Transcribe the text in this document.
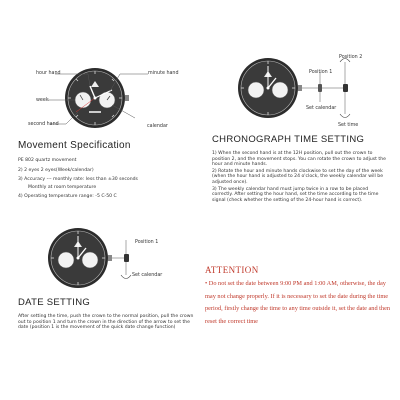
hour hand	minute hand
week
calendar
second hand
Position 1
Position 2
Set calendar
Set time
Movement Specification
PE 802 quartz movement
2) 2 eyes 2 eyes(Week/calendar)
3) Accuracy --- monthly rate: less than ±30 seconds
Monthly at room temperature
4) Operating temperature range: -5 C-50 C
CHRONOGRAPH TIME SETTING
1) When the second hand is at the 12H position, pull out the crown to position 2, and the movement stops. You can rotate the crown to adjust the hour and minute hands.
2) Rotate the hour and minute hands clockwise to set the day of the week (when the hour hand is adjusted to 24 o'clock, the weekly calendar will be adjusted once).
3) The weekly calendar hand must jump twice in a row to be placed correctly. After setting the hour hand, set the time according to the time signal (check whether the setting of the 24-hour hand is correct).
Position 1
Set calendar
DATE SETTING
After setting the time, push the crown to the normal position, pull the crown out to position 1 and turn the crown in the direction of the arrow to set the date (position 1 is the movement of the quick date change function)
ATTENTION
• Do not set the date between 9:00 PM and 1:00 AM, otherwise, the day may not change properly. If it is necessary to set the date during the time period, firstly change the time to any time outside it, set the date and then reset the correct time
